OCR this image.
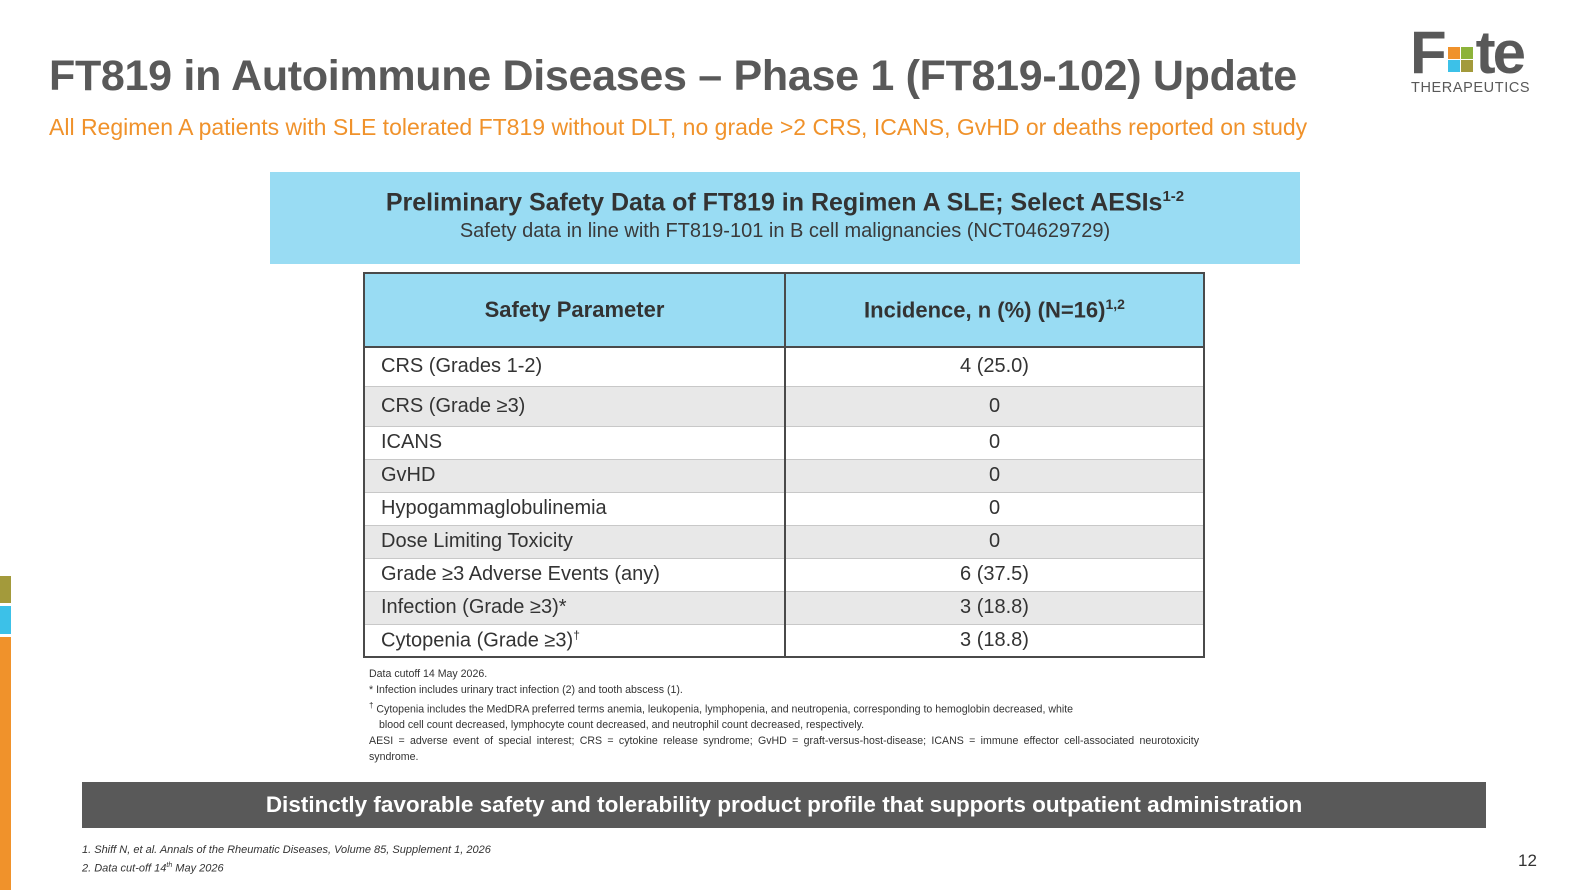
FT819 in Autoimmune Diseases – Phase 1 (FT819-102) Update
All Regimen A patients with SLE tolerated FT819 without DLT, no grade >2 CRS, ICANS, GvHD or deaths reported on study
F te
THERAPEUTICS
Preliminary Safety Data of FT819 in Regimen A SLE; Select AESIs$^{1-2}$
Safety data in line with FT819-101 in B cell malignancies (NCT04629729)
Safety Parameter	Incidence, n (%) (N=16)$^{1,2}$
CRS (Grades 1-2)	4 (25.0)
CRS (Grade ≥3)	0
ICANS	0
GvHD	0
Hypogammaglobulinemia	0
Dose Limiting Toxicity	0
Grade ≥3 Adverse Events (any)	6 (37.5)
Infection (Grade ≥3)*	3 (18.8)
Cytopenia (Grade ≥3)†	3 (18.8)
Data cutoff 14 May 2026.
* Infection includes urinary tract infection (2) and tooth abscess (1).
† Cytopenia includes the MedDRA preferred terms anemia, leukopenia, lymphopenia, and neutropenia, corresponding to hemoglobin decreased, white
blood cell count decreased, lymphocyte count decreased, and neutrophil count decreased, respectively.
AESI = adverse event of special interest; CRS = cytokine release syndrome; GvHD = graft-versus-host-disease; ICANS = immune effector cell-associated neurotoxicity syndrome.
Distinctly favorable safety and tolerability product profile that supports outpatient administration
1. Shiff N, et al. Annals of the Rheumatic Diseases, Volume 85, Supplement 1, 2026
2. Data cut-off 14th May 2026	12
